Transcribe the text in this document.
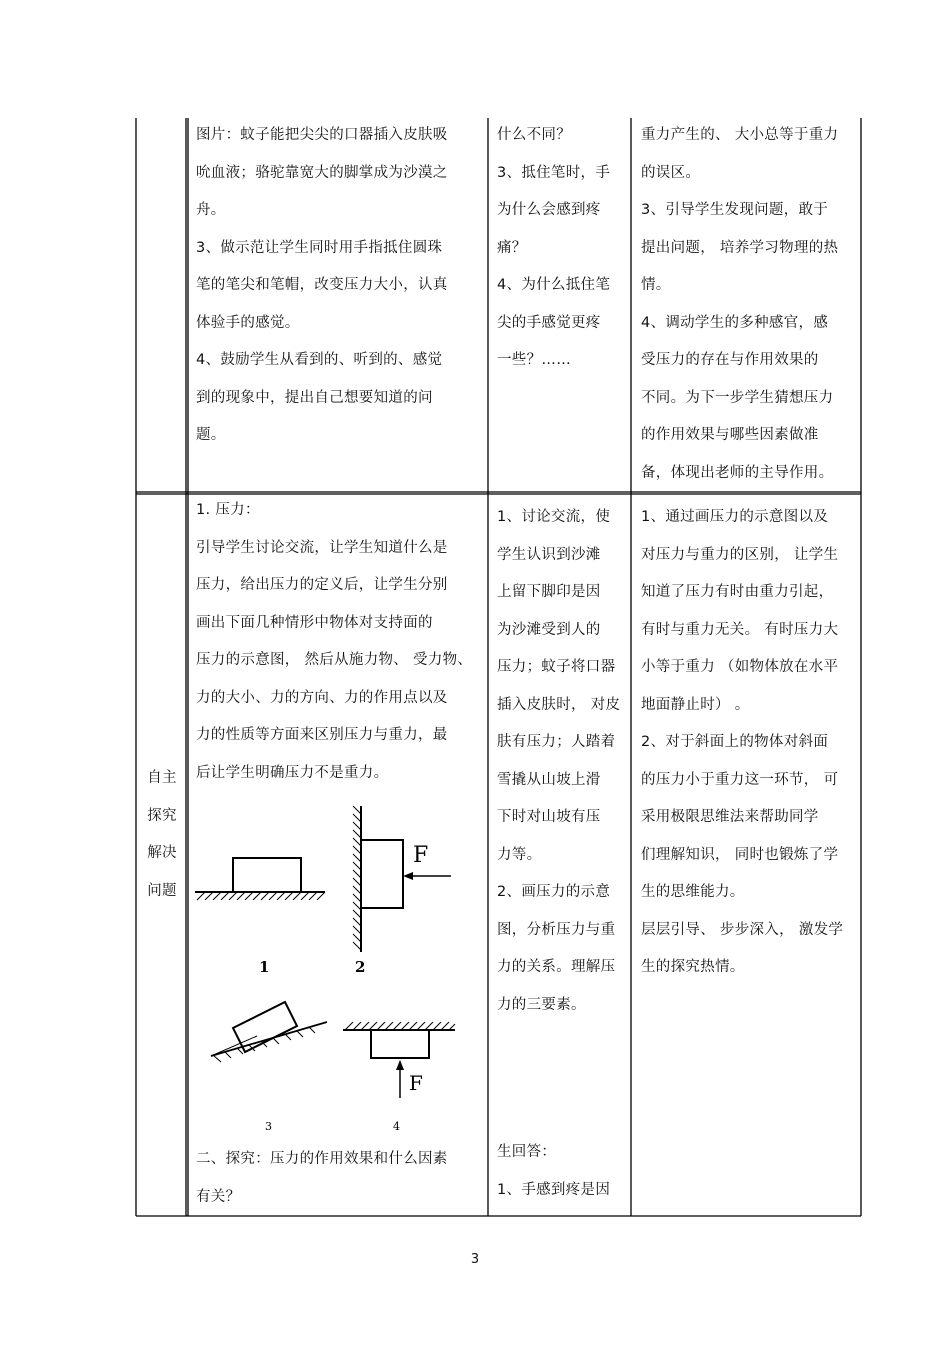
图片：蚊子能把尖尖的口器插入皮肤吸
吮血液；骆驼靠宽大的脚掌成为沙漠之
舟。
3、做示范让学生同时用手指抵住圆珠
笔的笔尖和笔帽，改变压力大小，认真
体验手的感觉。
4、鼓励学生从看到的、听到的、感觉
到的现象中，提出自己想要知道的问
题。
什么不同？
3、抵住笔时，手
为什么会感到疼
痛？
4、为什么抵住笔
尖的手感觉更疼
一些？……
重力产生的、 大小总等于重力
的误区。
3、引导学生发现问题，敢于
提出问题， 培养学习物理的热
情。
4、调动学生的多种感官，感
受压力的存在与作用效果的
不同。为下一步学生猜想压力
的作用效果与哪些因素做准
备，体现出老师的主导作用。
自主
探究
解决
问题
1. 压力：
引导学生讨论交流，让学生知道什么是
压力，给出压力的定义后，让学生分别
画出下面几种情形中物体对支持面的
压力的示意图， 然后从施力物、 受力物、
力的大小、力的方向、力的作用点以及
力的性质等方面来区别压力与重力，最
后让学生明确压力不是重力。
1
F
2
3
F
4
二、探究：压力的作用效果和什么因素
有关？
1、讨论交流，使
学生认识到沙滩
上留下脚印是因
为沙滩受到人的
压力；蚊子将口器
插入皮肤时， 对皮
肤有压力；人踏着
雪撬从山坡上滑
下时对山坡有压
力等。
2、画压力的示意
图，分析压力与重
力的关系。理解压
力的三要素。
生回答：
1、手感到疼是因
1、通过画压力的示意图以及
对压力与重力的区别， 让学生
知道了压力有时由重力引起，
有时与重力无关。 有时压力大
小等于重力 （如物体放在水平
地面静止时） 。
2、对于斜面上的物体对斜面
的压力小于重力这一环节， 可
采用极限思维法来帮助同学
们理解知识， 同时也锻炼了学
生的思维能力。
层层引导、 步步深入， 激发学
生的探究热情。
3
